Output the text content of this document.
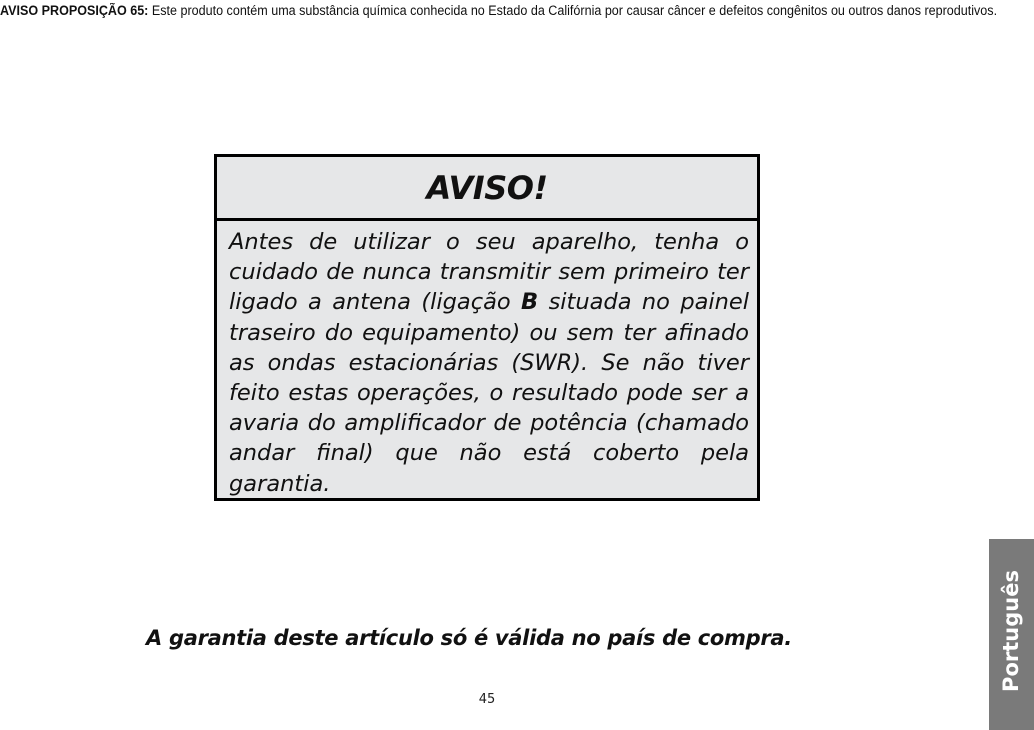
AVISO PROPOSIÇÃO 65: Este produto contém uma substância química conhecida no Estado da Califórnia por causar câncer e defeitos congênitos ou outros danos reprodutivos.
AVISO!
Antes de utilizar o seu aparelho, tenha o cuidado de nunca transmitir sem primeiro ter ligado a antena (ligação B situada no painel traseiro do equipamento) ou sem ter afinado as ondas estacionárias (SWR). Se não tiver feito estas operações, o resultado pode ser a avaria do amplificador de potência (chamado andar final) que não está coberto pela garantia.
A garantia deste artículo só é válida no país de compra.
45
Português
